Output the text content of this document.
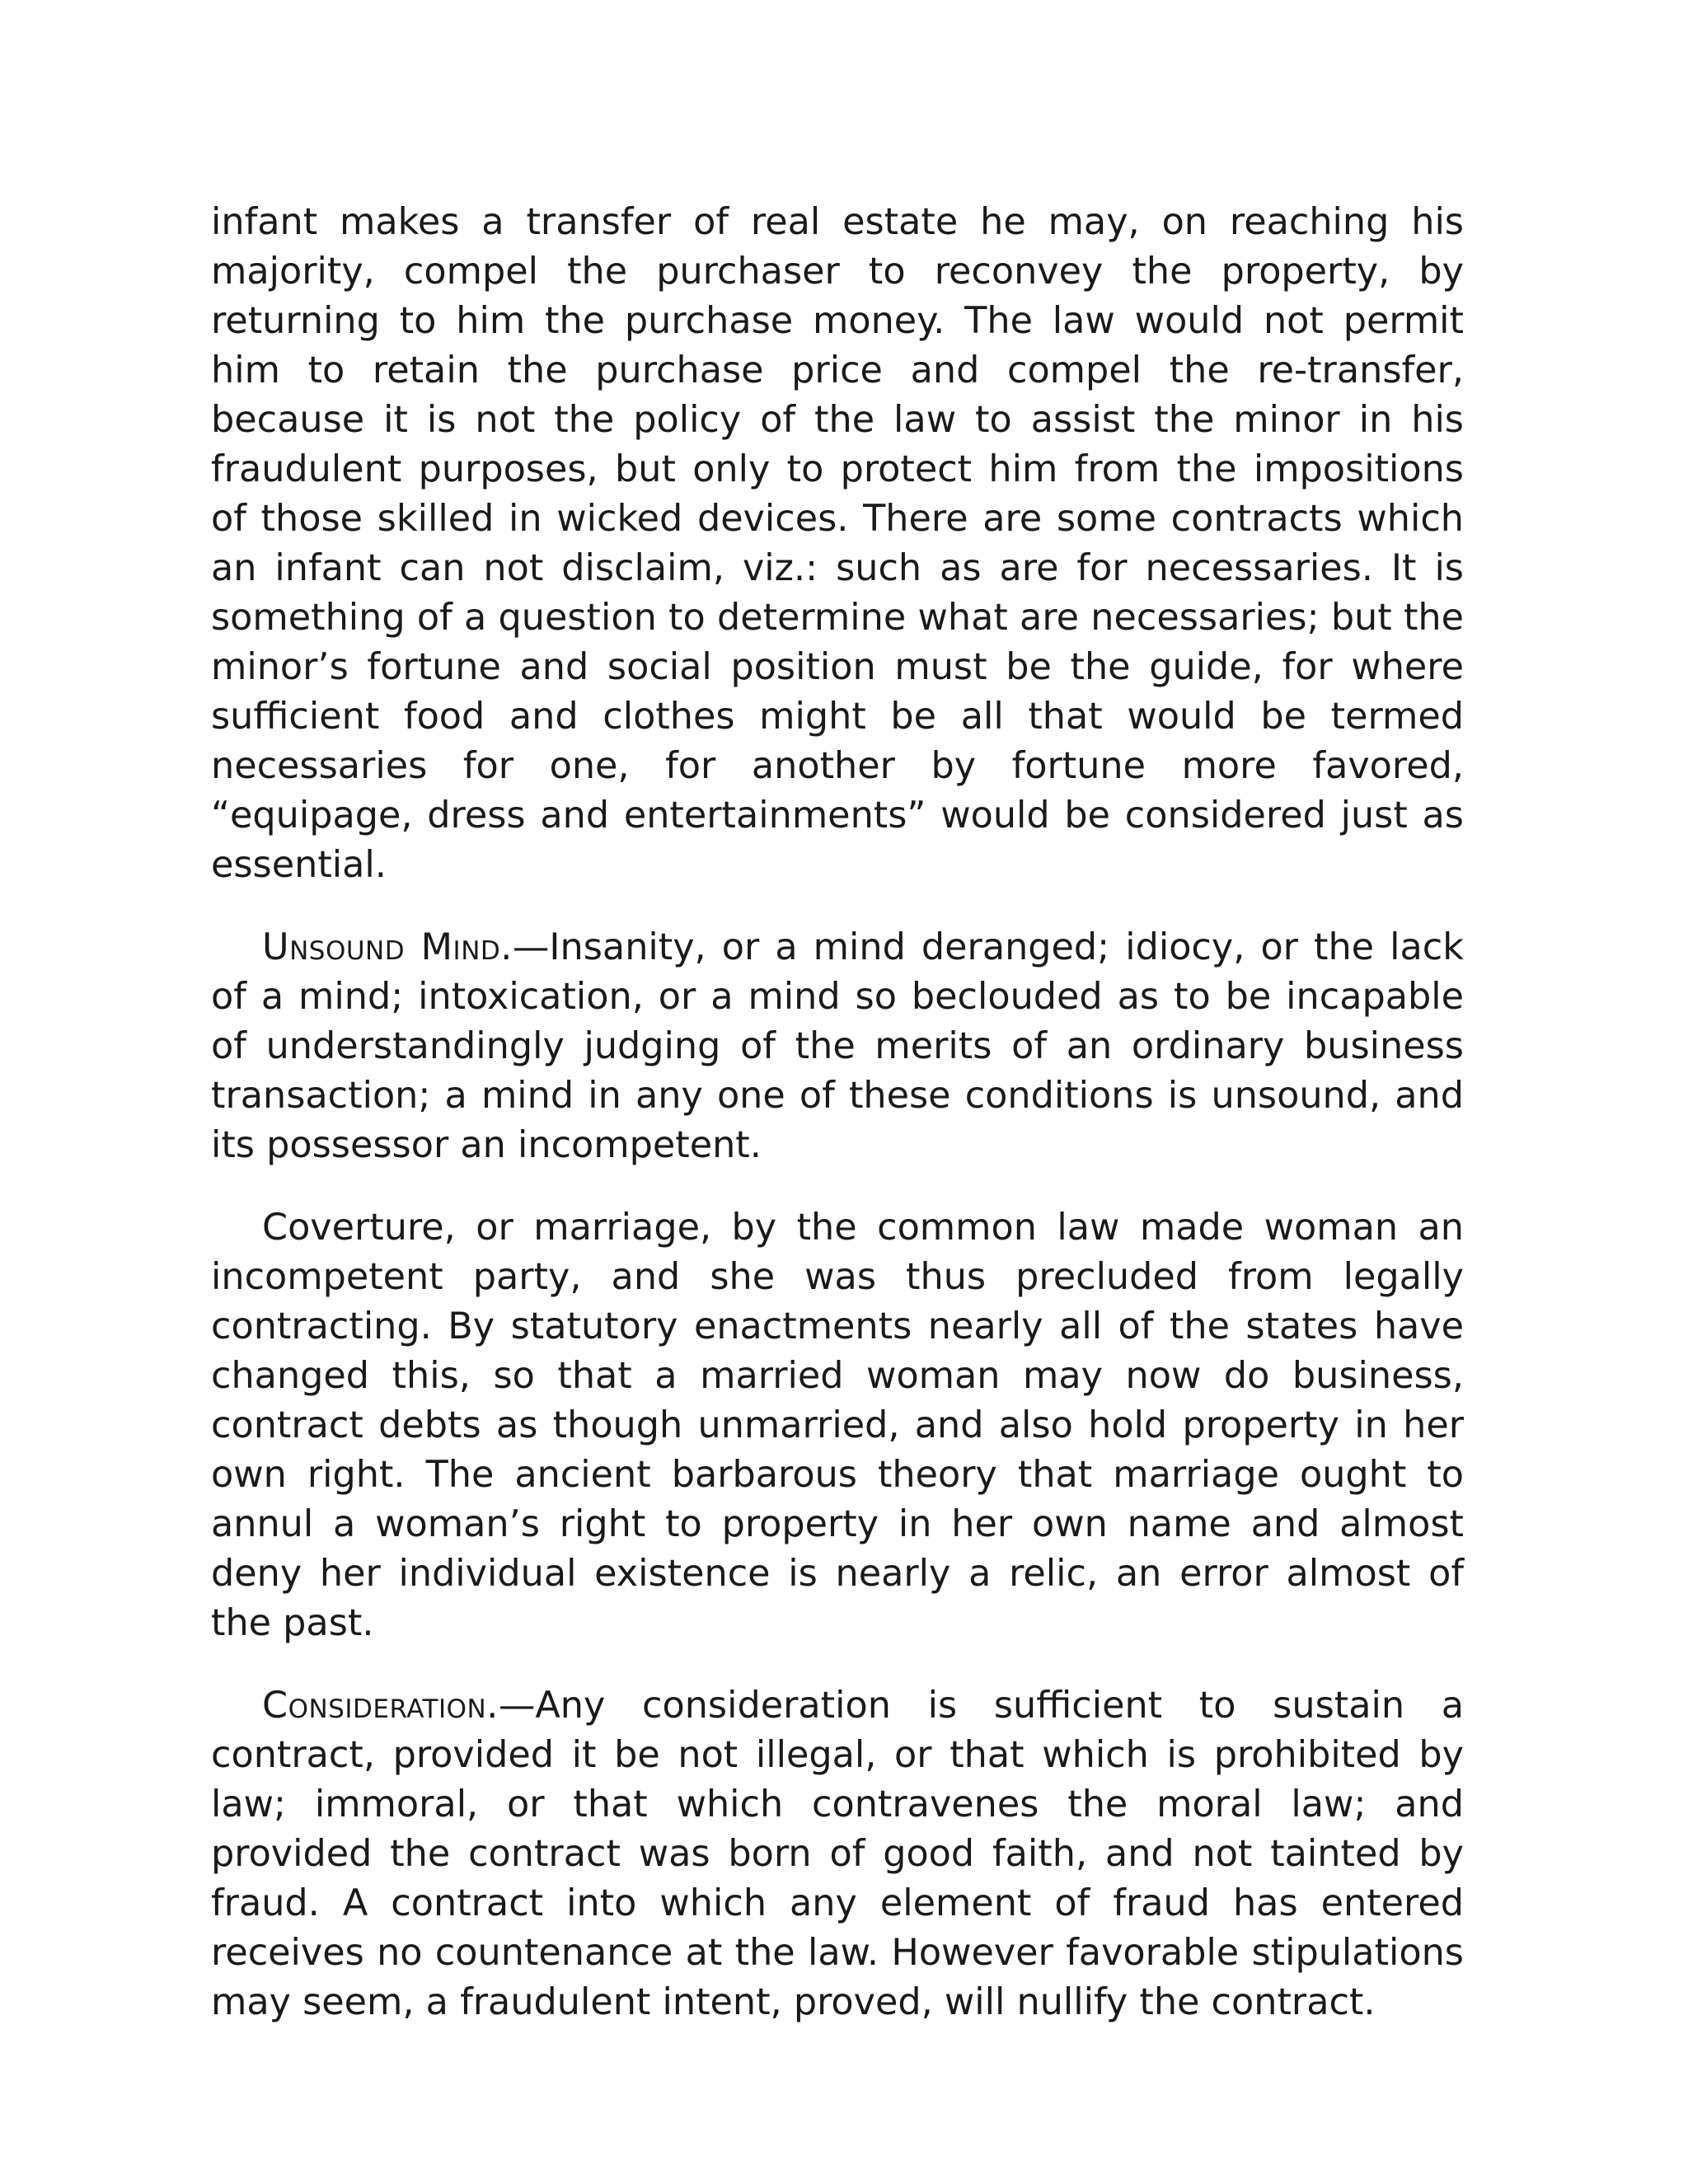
infant makes a transfer of real estate he may, on reaching his majority, compel the purchaser to reconvey the property, by returning to him the purchase money. The law would not permit him to retain the purchase price and compel the re-transfer, because it is not the policy of the law to assist the minor in his fraudulent purposes, but only to protect him from the impositions of those skilled in wicked devices. There are some contracts which an infant can not disclaim, viz.: such as are for necessaries. It is something of a question to determine what are necessaries; but the minor’s fortune and social position must be the guide, for where sufficient food and clothes might be all that would be termed necessaries for one, for another by fortune more favored, “equipage, dress and entertainments” would be considered just as essential.

Unsound Mind.—Insanity, or a mind deranged; idiocy, or the lack of a mind; intoxication, or a mind so beclouded as to be incapable of understandingly judging of the merits of an ordinary business transaction; a mind in any one of these conditions is unsound, and its possessor an incompetent.

Coverture, or marriage, by the common law made woman an incompetent party, and she was thus precluded from legally contracting. By statutory enactments nearly all of the states have changed this, so that a married woman may now do business, contract debts as though unmarried, and also hold property in her own right. The ancient barbarous theory that marriage ought to annul a woman’s right to property in her own name and almost deny her individual existence is nearly a relic, an error almost of the past.

Consideration.—Any consideration is sufficient to sustain a contract, provided it be not illegal, or that which is prohibited by law; immoral, or that which contravenes the moral law; and provided the contract was born of good faith, and not tainted by fraud. A contract into which any element of fraud has entered receives no countenance at the law. However favorable stipulations may seem, a fraudulent intent, proved, will nullify the contract.
